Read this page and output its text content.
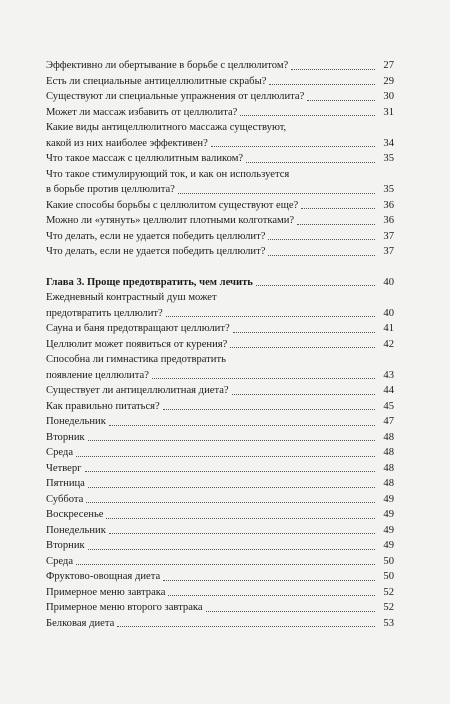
Эффективно ли обертывание в борьбе с целлюлитом?	27
Есть ли специальные антицеллюлитные скрабы?	29
Существуют ли специальные упражнения от целлюлита?	30
Может ли массаж избавить от целлюлита?	31
Какие виды антицеллюлитного массажа существуют,
какой из них наиболее эффективен?	34
Что такое массаж с целлюлитным валиком?	35
Что такое стимулирующий ток, и как он используется
в борьбе против целлюлита?	35
Какие способы борьбы с целлюлитом существуют еще?	36
Можно ли «утянуть» целлюлит плотными колготками?	36
Что делать, если не удается победить целлюлит?	37
Что делать, если не удается победить целлюлит?	37
Глава 3. Проще предотвратить, чем лечить	40
Ежедневный контрастный душ может
предотвратить целлюлит?	40
Сауна и баня предотвращают целлюлит?	41
Целлюлит может появиться от курения?	42
Способна ли гимнастика предотвратить
появление целлюлита?	43
Существует ли антицеллюлитная диета?	44
Как правильно питаться?	45
Понедельник	47
Вторник	48
Среда	48
Четверг	48
Пятница	48
Суббота	49
Воскресенье	49
Понедельник	49
Вторник	49
Среда	50
Фруктово-овощная диета	50
Примерное меню завтрака	52
Примерное меню второго завтрака	52
Белковая диета	53
